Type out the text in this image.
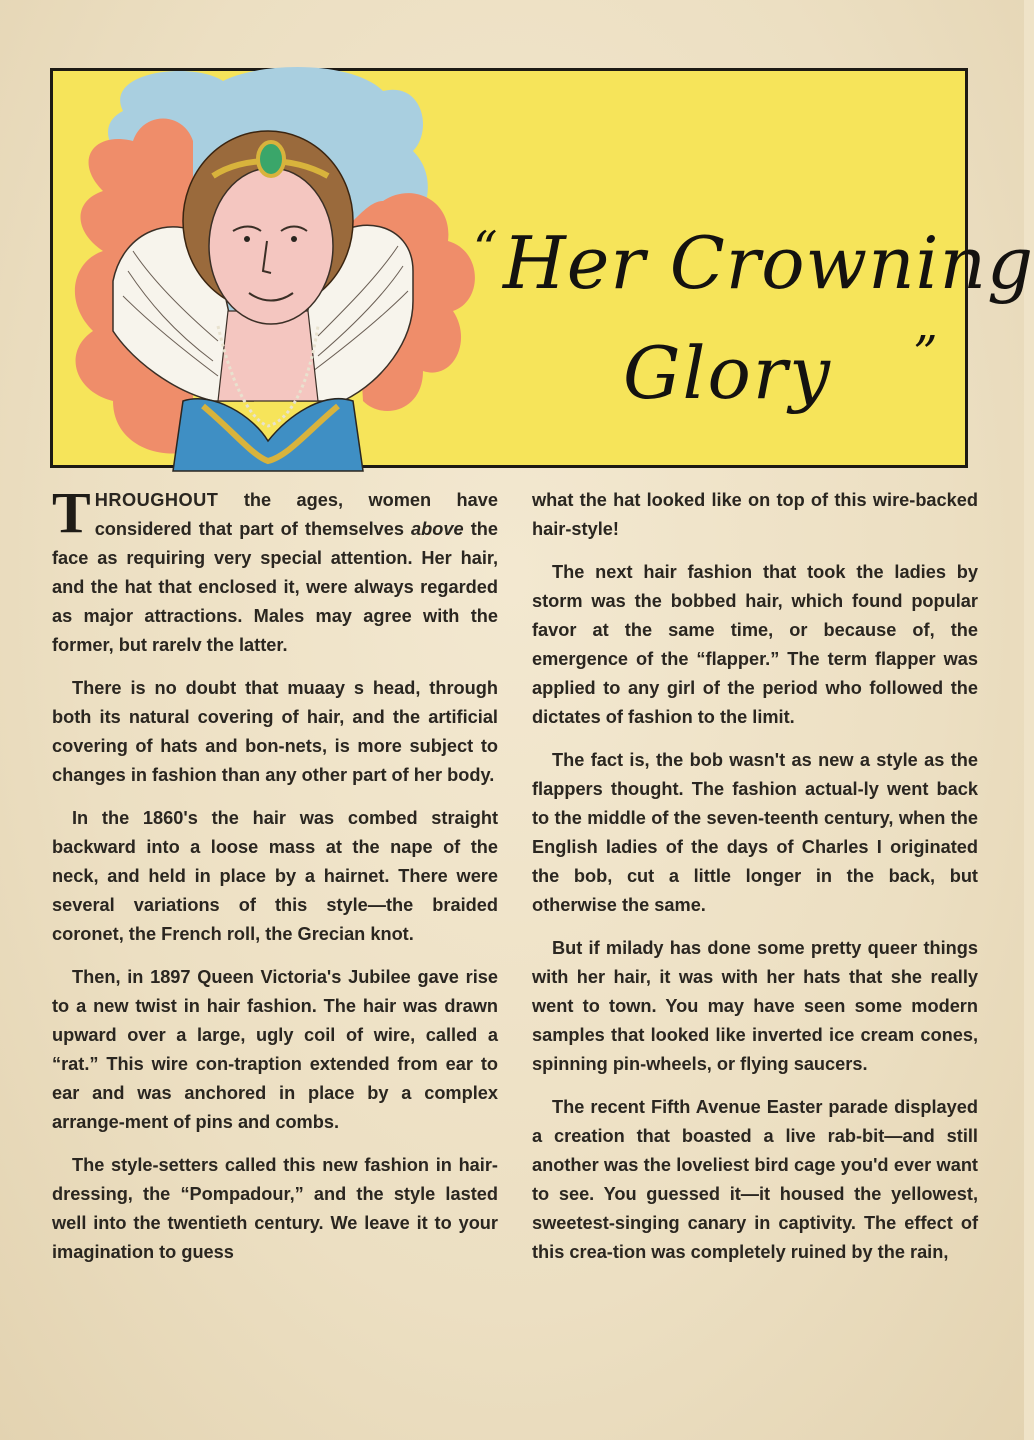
“ Her Crowning
Glory ”

THROUGHOUT the ages, women have considered that part of themselves above the face as requiring very special attention. Her hair, and the hat that enclosed it, were always regarded as major attractions. Males may agree with the former, but rarelv the latter.

There is no doubt that muaay s head, through both its natural covering of hair, and the artificial covering of hats and bon-nets, is more subject to changes in fashion than any other part of her body.

In the 1860's the hair was combed straight backward into a loose mass at the nape of the neck, and held in place by a hairnet. There were several variations of this style—the braided coronet, the French roll, the Grecian knot.

Then, in 1897 Queen Victoria's Jubilee gave rise to a new twist in hair fashion. The hair was drawn upward over a large, ugly coil of wire, called a “rat.” This wire con-traption extended from ear to ear and was anchored in place by a complex arrange-ment of pins and combs.

The style-setters called this new fashion in hair-dressing, the “Pompadour,” and the style lasted well into the twentieth century. We leave it to your imagination to guess

what the hat looked like on top of this wire-backed hair-style!

The next hair fashion that took the ladies by storm was the bobbed hair, which found popular favor at the same time, or because of, the emergence of the “flapper.” The term flapper was applied to any girl of the period who followed the dictates of fashion to the limit.

The fact is, the bob wasn't as new a style as the flappers thought. The fashion actual-ly went back to the middle of the seven-teenth century, when the English ladies of the days of Charles I originated the bob, cut a little longer in the back, but otherwise the same.

But if milady has done some pretty queer things with her hair, it was with her hats that she really went to town. You may have seen some modern samples that looked like inverted ice cream cones, spinning pin-wheels, or flying saucers.

The recent Fifth Avenue Easter parade displayed a creation that boasted a live rab-bit—and still another was the loveliest bird cage you'd ever want to see. You guessed it—it housed the yellowest, sweetest-singing canary in captivity. The effect of this crea-tion was completely ruined by the rain,
